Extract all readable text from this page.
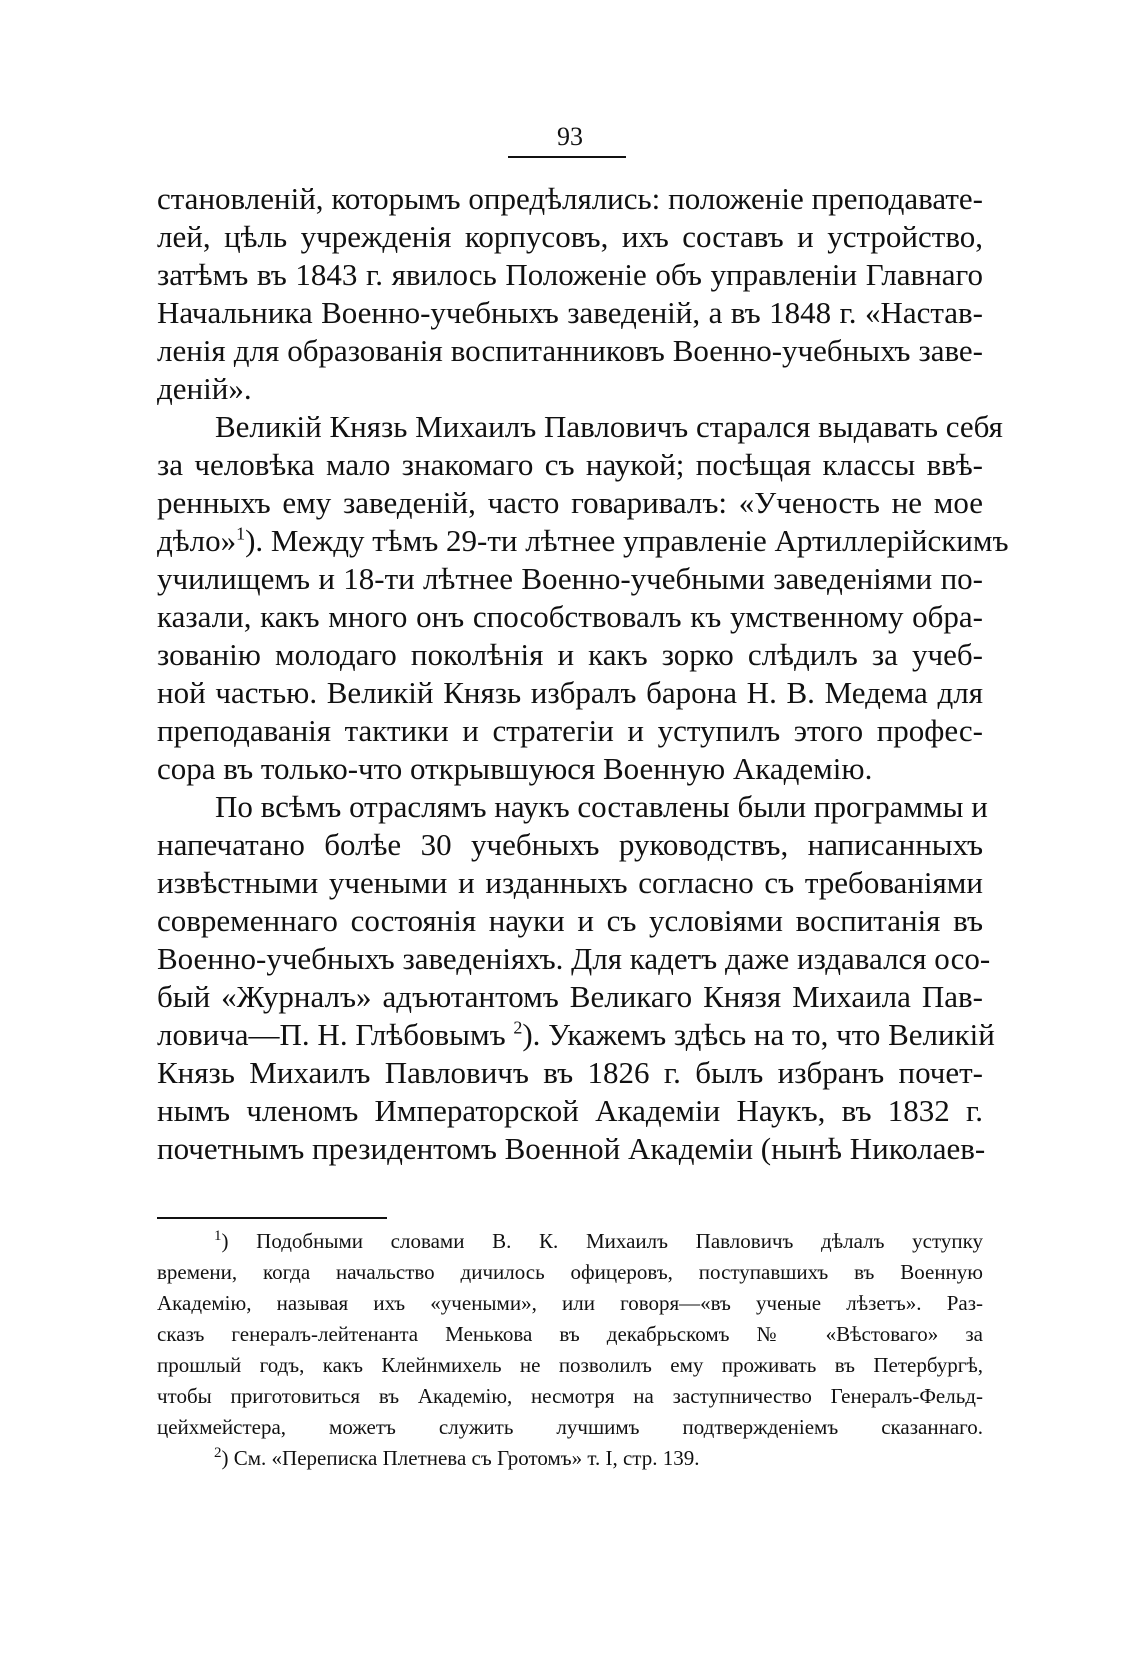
93
становленій, которымъ опредѣлялись: положеніе преподавате-
лей, цѣль учрежденія корпусовъ, ихъ составъ и устройство,
затѣмъ въ 1843 г. явилось Положеніе объ управленіи Главнаго
Начальника Военно-учебныхъ заведеній, а въ 1848 г. «Настав-
ленія для образованія воспитанниковъ Военно-учебныхъ заве-
деній».
Великій Князь Михаилъ Павловичъ старался выдавать себя
за человѣка мало знакомаго съ наукой; посѣщая классы ввѣ-
ренныхъ ему заведеній, часто говаривалъ: «Ученость не мое
дѣло»$^1$). Между тѣмъ 29-ти лѣтнее управленіе Артиллерійскимъ
училищемъ и 18-ти лѣтнее Военно-учебными заведеніями по-
казали, какъ много онъ способствовалъ къ умственному обра-
зованію молодаго поколѣнія и какъ зорко слѣдилъ за учеб-
ной частью. Великій Князь избралъ барона Н. В. Медема для
преподаванія тактики и стратегіи и уступилъ этого профес-
сора въ только-что открывшуюся Военную Академію.
По всѣмъ отраслямъ наукъ составлены были программы и
напечатано болѣе 30 учебныхъ руководствъ, написанныхъ
извѣстными учеными и изданныхъ согласно съ требованіями
современнаго состоянія науки и съ условіями воспитанія въ
Военно-учебныхъ заведеніяхъ. Для кадетъ даже издавался осо-
бый «Журналъ» адъютантомъ Великаго Князя Михаила Пав-
ловича—П. Н. Глѣбовымъ $^2$). Укажемъ здѣсь на то, что Великій
Князь Михаилъ Павловичъ въ 1826 г. былъ избранъ почет-
нымъ членомъ Императорской Академіи Наукъ, въ 1832 г.
почетнымъ президентомъ Военной Академіи (нынѣ Николаев-
$^1$) Подобными словами В. К. Михаилъ Павловичъ дѣлалъ уступку
времени, когда начальство дичилось офицеровъ, поступавшихъ въ Военную
Академію, называя ихъ «учеными», или говоря—«въ ученые лѣзетъ». Раз-
сказъ генералъ-лейтенанта Менькова въ декабрьскомъ № «Вѣстоваго» за
прошлый годъ, какъ Клейнмихель не позволилъ ему проживать въ Петербургѣ,
чтобы приготовиться въ Академію, несмотря на заступничество Генералъ-Фельд-
цейхмейстера, можетъ служить лучшимъ подтвержденіемъ сказаннаго.
$^2$) См. «Переписка Плетнева съ Гротомъ» т. I, стр. 139.
